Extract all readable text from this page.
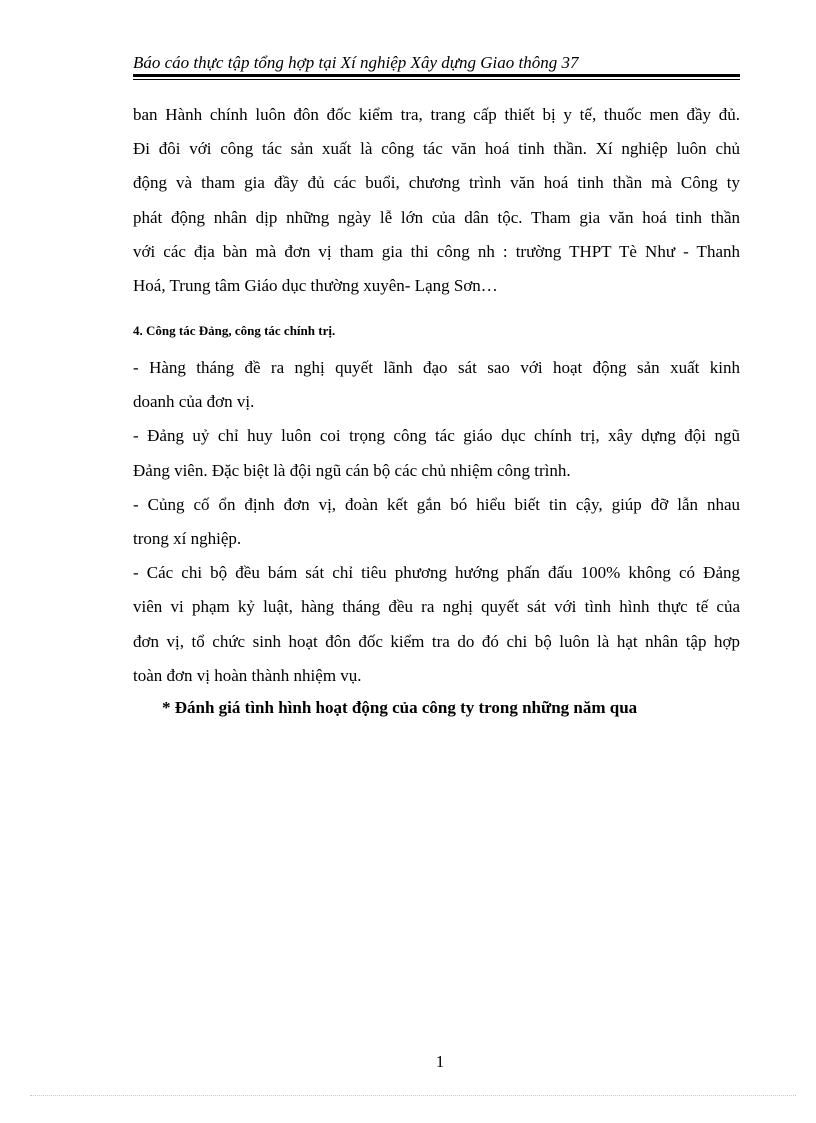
Báo cáo thực tập tổng hợp tại Xí nghiệp Xây dựng Giao thông 37

ban Hành chính luôn đôn đốc kiểm tra, trang cấp thiết bị y tế, thuốc men đầy đủ.
Đi đôi với công tác sản xuất là công tác văn hoá tinh thần. Xí nghiệp luôn chủ
động và tham gia đầy đủ các buổi, chương trình văn hoá tinh thần mà Công ty
phát động nhân dịp những ngày lễ lớn của dân tộc. Tham gia văn hoá tinh thần
với các địa bàn mà đơn vị tham gia thi công nh : trường THPT Tè Như - Thanh
Hoá, Trung tâm Giáo dục thường xuyên- Lạng Sơn…

4. Công tác Đảng, công tác chính trị.

- Hàng tháng đề ra nghị quyết lãnh đạo sát sao với hoạt động sản xuất kinh
doanh của đơn vị.
- Đảng uỷ chỉ huy luôn coi trọng công tác giáo dục chính trị, xây dựng đội ngũ
Đảng viên. Đặc biệt là đội ngũ cán bộ các chủ nhiệm công trình.
- Củng cố ổn định đơn vị, đoàn kết gắn bó hiểu biết tin cậy, giúp đỡ lẫn nhau
trong xí nghiệp.
- Các chi bộ đều bám sát chỉ tiêu phương hướng phấn đấu 100% không có Đảng
viên vi phạm kỷ luật, hàng tháng đều ra nghị quyết sát với tình hình thực tế của
đơn vị, tổ chức sinh hoạt đôn đốc kiểm tra do đó chi bộ luôn là hạt nhân tập hợp
toàn đơn vị hoàn thành nhiệm vụ.

* Đánh giá tình hình hoạt động của công ty trong những năm qua
1
